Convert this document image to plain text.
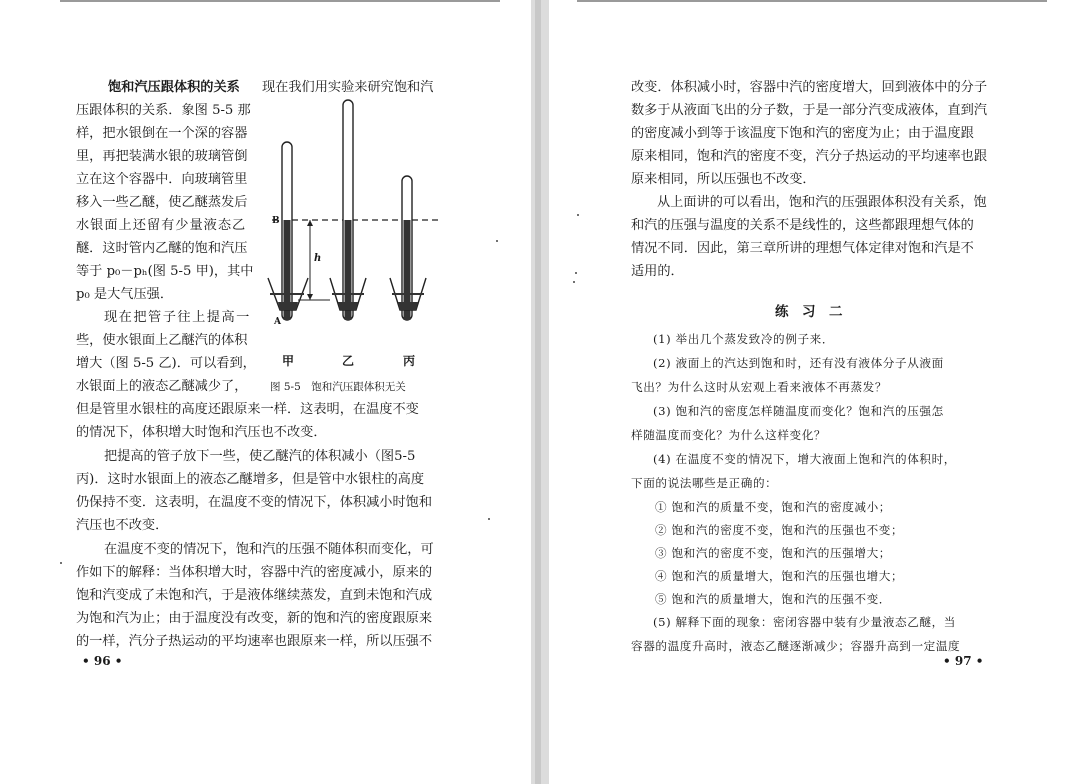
饱和汽压跟体积的关系 现在我们用实验来研究饱和汽
压跟体积的关系．象图 5-5 那
样，把水银倒在一个深的容器
里，再把装满水银的玻璃管倒
立在这个容器中．向玻璃管里
移入一些乙醚，使乙醚蒸发后
水银面上还留有少量液态乙
醚．这时管内乙醚的饱和汽压
等于 p₀－pₕ(图 5-5 甲)，其中
p₀ 是大气压强．
现在把管子往上提高一
些，使水银面上乙醚汽的体积
增大（图 5-5 乙)．可以看到，
水银面上的液态乙醚减少了，
但是管里水银柱的高度还跟原来一样．这表明，在温度不变
的情况下，体积增大时饱和汽压也不改变．
把提高的管子放下一些，使乙醚汽的体积减小（图5-5
丙)．这时水银面上的液态乙醚增多，但是管中水银柱的高度
仍保持不变．这表明，在温度不变的情况下，体积减小时饱和
汽压也不改变．
在温度不变的情况下，饱和汽的压强不随体积而变化，可
作如下的解释：当体积增大时，容器中汽的密度减小，原来的
饱和汽变成了未饱和汽，于是液体继续蒸发，直到未饱和汽成
为饱和汽为止；由于温度没有改变，新的饱和汽的密度跟原来
的一样，汽分子热运动的平均速率也跟原来一样，所以压强不
B
h
A
甲	乙	丙
图 5-5　饱和汽压跟体积无关
• 96 •
改变．体积减小时，容器中汽的密度增大，回到液体中的分子
数多于从液面飞出的分子数，于是一部分汽变成液体，直到汽
的密度减小到等于该温度下饱和汽的密度为止；由于温度跟
原来相同，饱和汽的密度不变，汽分子热运动的平均速率也跟
原来相同，所以压强也不改变．
从上面讲的可以看出，饱和汽的压强跟体积没有关系，饱
和汽的压强与温度的关系不是线性的，这些都跟理想气体的
情况不同．因此，第三章所讲的理想气体定律对饱和汽是不
适用的．
练　习　二
(1) 举出几个蒸发致冷的例子来．
(2) 液面上的汽达到饱和时，还有没有液体分子从液面
飞出？为什么这时从宏观上看来液体不再蒸发？
(3) 饱和汽的密度怎样随温度而变化？饱和汽的压强怎
样随温度而变化？为什么这样变化？
(4) 在温度不变的情况下，增大液面上饱和汽的体积时，
下面的说法哪些是正确的：
① 饱和汽的质量不变，饱和汽的密度减小；
② 饱和汽的密度不变，饱和汽的压强也不变；
③ 饱和汽的密度不变，饱和汽的压强增大；
④ 饱和汽的质量增大，饱和汽的压强也增大；
⑤ 饱和汽的质量增大，饱和汽的压强不变．
(5) 解释下面的现象：密闭容器中装有少量液态乙醚，当
容器的温度升高时，液态乙醚逐渐减少；容器升高到一定温度
• 97 •
